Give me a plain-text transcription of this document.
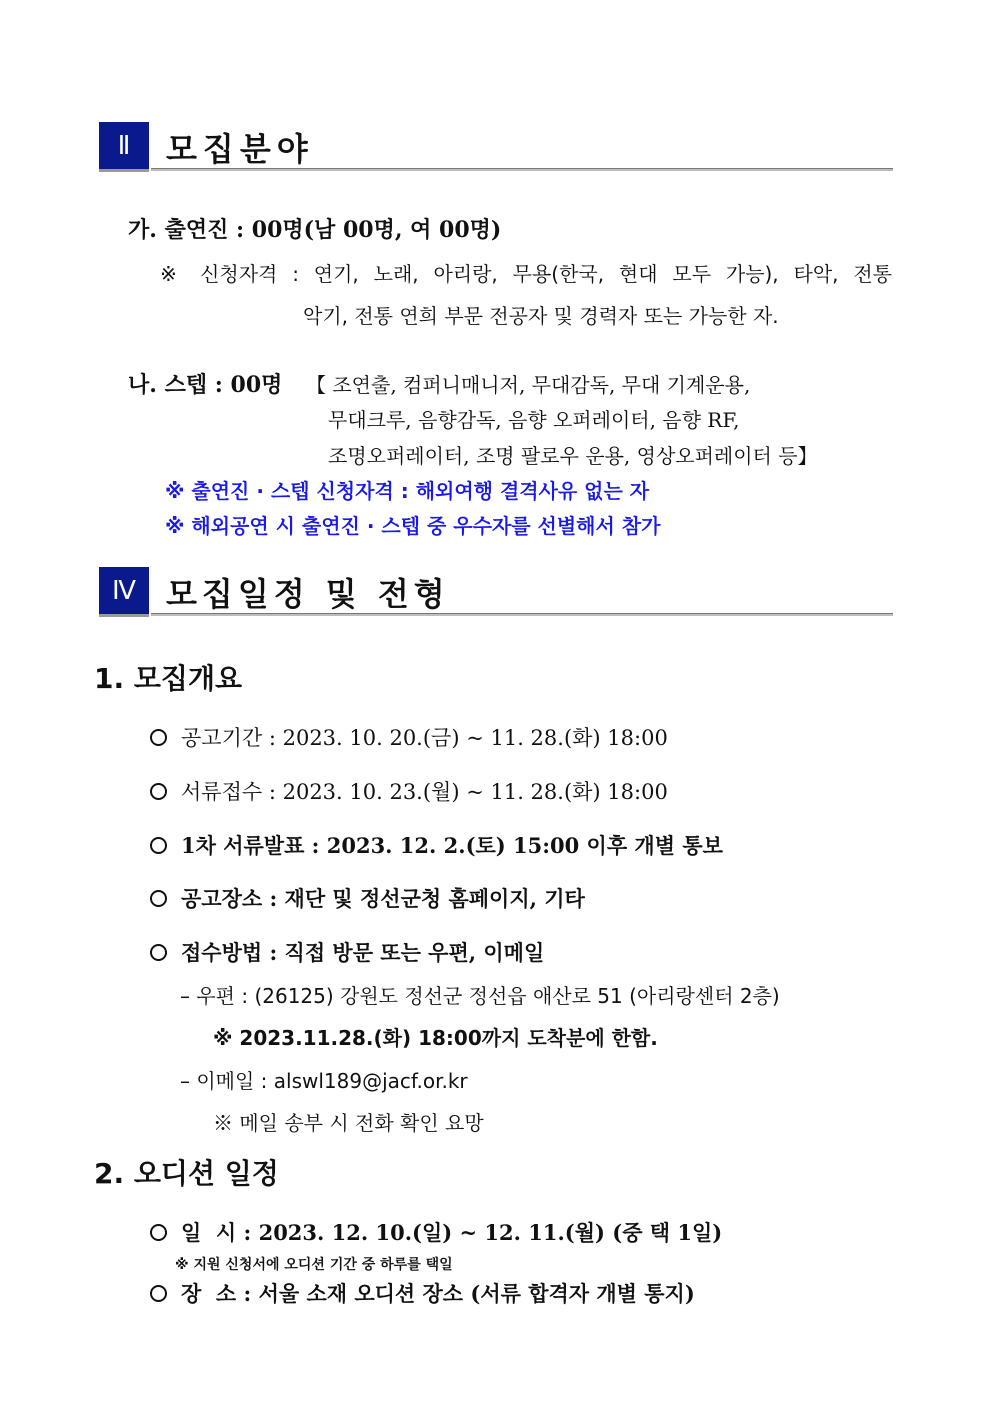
Ⅱ 모집분야
가. 출연진 : 00명(남 00명, 여 00명)
※ 신청자격 : 연기, 노래, 아리랑, 무용(한국, 현대 모두 가능), 타악, 전통
악기, 전통 연희 부문 전공자 및 경력자 또는 가능한 자.
나. 스텝 : 00명 【 조연출, 컴퍼니매니저, 무대감독, 무대 기계운용,
무대크루, 음향감독, 음향 오퍼레이터, 음향 RF,
조명오퍼레이터, 조명 팔로우 운용, 영상오퍼레이터 등】
※ 출연진 · 스텝 신청자격 : 해외여행 결격사유 없는 자
※ 해외공연 시 출연진 · 스텝 중 우수자를 선별해서 참가
Ⅳ 모집일정 및 전형
1. 모집개요
공고기간 : 2023. 10. 20.(금) ~ 11. 28.(화) 18:00
서류접수 : 2023. 10. 23.(월) ~ 11. 28.(화) 18:00
1차 서류발표 : 2023. 12. 2.(토) 15:00 이후 개별 통보
공고장소 : 재단 및 정선군청 홈페이지, 기타
접수방법 : 직접 방문 또는 우편, 이메일
– 우편 : (26125) 강원도 정선군 정선읍 애산로 51 (아리랑센터 2층)
※ 2023.11.28.(화) 18:00까지 도착분에 한함.
– 이메일 : alswl189@jacf.or.kr
※ 메일 송부 시 전화 확인 요망
2. 오디션 일정
일  시 : 2023. 12. 10.(일) ~ 12. 11.(월) (중 택 1일)
※ 지원 신청서에 오디션 기간 중 하루를 택일
장  소 : 서울 소재 오디션 장소 (서류 합격자 개별 통지)
